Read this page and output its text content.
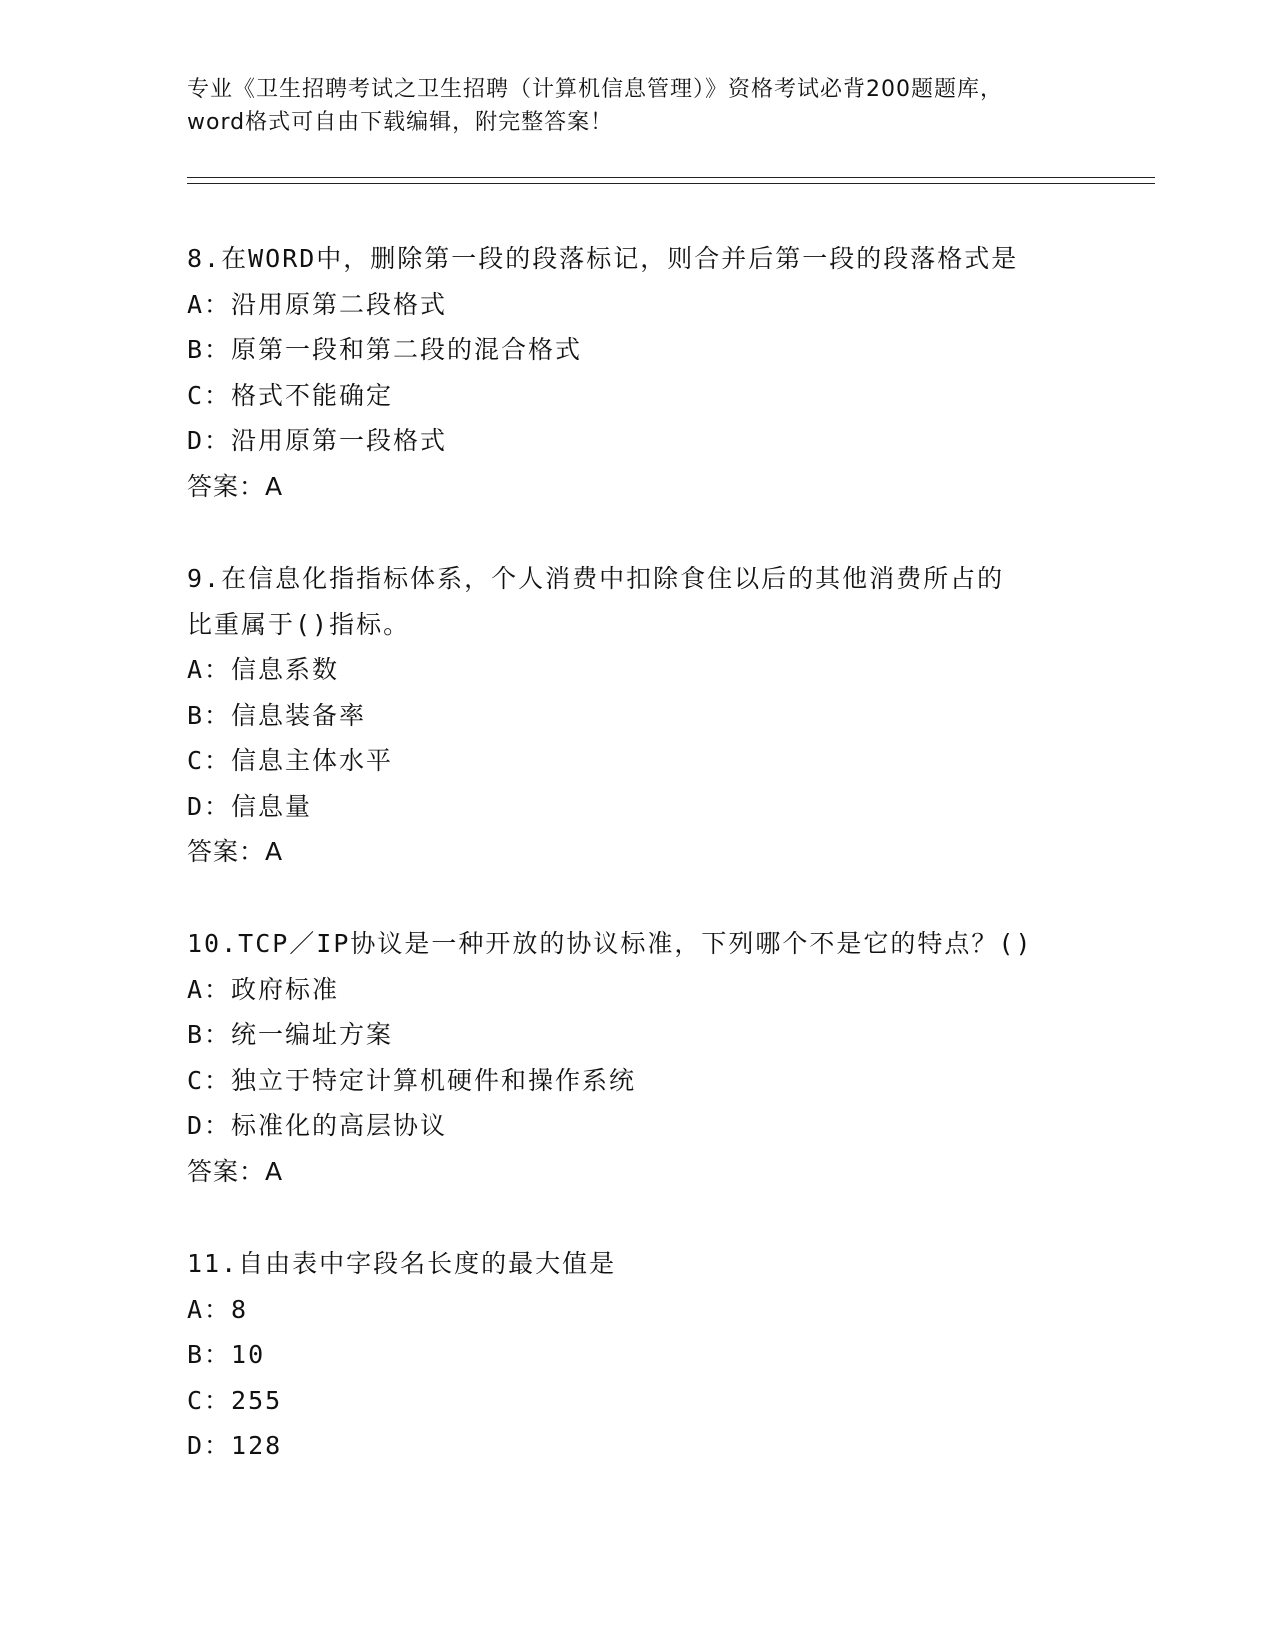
专业《卫生招聘考试之卫生招聘（计算机信息管理）》资格考试必背200题题库，
word格式可自由下载编辑，附完整答案！
8.在WORD中，删除第一段的段落标记，则合并后第一段的段落格式是
A：沿用原第二段格式
B：原第一段和第二段的混合格式
C：格式不能确定
D：沿用原第一段格式
答案：A
9.在信息化指指标体系，个人消费中扣除食住以后的其他消费所占的
比重属于()指标。
A：信息系数
B：信息装备率
C：信息主体水平
D：信息量
答案：A
10.TCP／IP协议是一种开放的协议标准，下列哪个不是它的特点？()
A：政府标准
B：统一编址方案
C：独立于特定计算机硬件和操作系统
D：标准化的高层协议
答案：A
11.自由表中字段名长度的最大值是
A：8
B：10
C：255
D：128
